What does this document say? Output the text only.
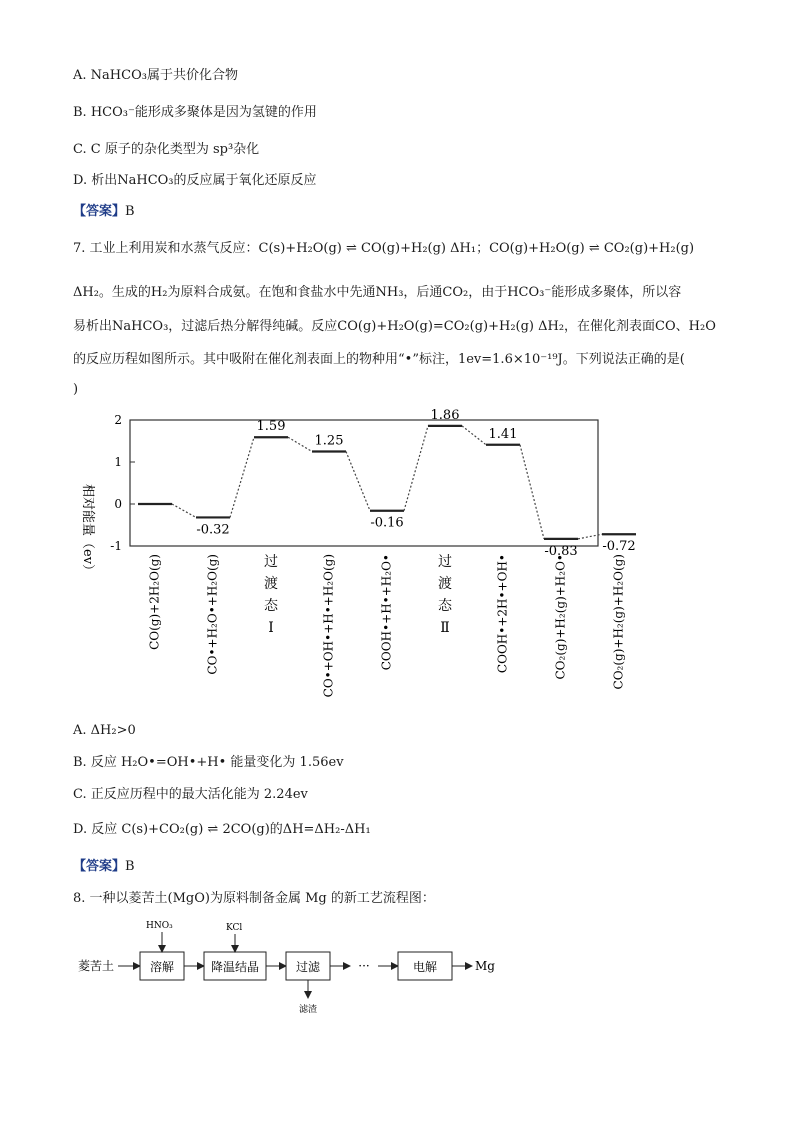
A. NaHCO₃属于共价化合物
B. HCO₃⁻能形成多聚体是因为氢键的作用
C. C 原子的杂化类型为 sp³杂化
D. 析出NaHCO₃的反应属于氧化还原反应
【答案】B
7. 工业上利用炭和水蒸气反应：C(s)+H₂O(g) ⇌ CO(g)+H₂(g) ΔH₁；CO(g)+H₂O(g) ⇌ CO₂(g)+H₂(g)
ΔH₂。生成的H₂为原料合成氨。在饱和食盐水中先通NH₃，后通CO₂，由于HCO₃⁻能形成多聚体，所以容
易析出NaHCO₃，过滤后热分解得纯碱。反应CO(g)+H₂O(g)=CO₂(g)+H₂(g) ΔH₂，在催化剂表面CO、H₂O
的反应历程如图所示。其中吸附在催化剂表面上的物种用“•”标注，1ev=1.6×10⁻¹⁹J。下列说法正确的是(
)
相对能量（ev）
2
1
0
-1
-0.32
1.59
1.25
-0.16
1.86
1.41
-0.83 -0.72
CO(g)+2H₂O(g)	CO•+H₂O•+H₂O(g)	过渡态 Ⅰ	CO•+OH•+H•+H₂O(g)	COOH•+H•+H₂O•	过渡态 Ⅱ	COOH•+2H•+OH•	CO₂(g)+H₂(g)+H₂O•	CO₂(g)+H₂(g)+H₂O(g)
A. ΔH₂>0
B. 反应 H₂O•=OH•+H• 能量变化为 1.56ev
C. 正反应历程中的最大活化能为 2.24ev
D. 反应 C(s)+CO₂(g) ⇌ 2CO(g)的ΔH=ΔH₂-ΔH₁
【答案】B
8. 一种以菱苦土(MgO)为原料制备金属 Mg 的新工艺流程图：
菱苦土	溶解
HNO₃
降温结晶
KCl
过滤
滤渣
···	电解	Mg
